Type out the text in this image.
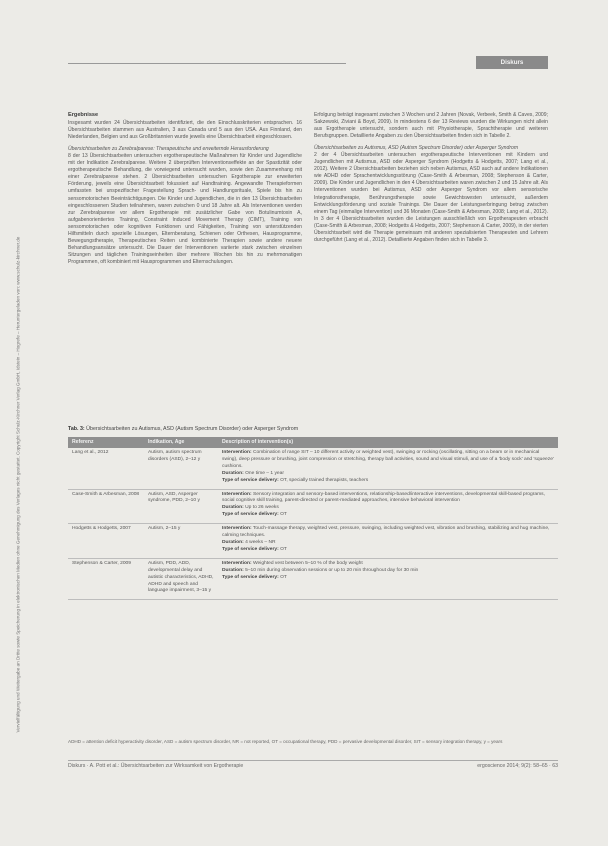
Vervielfältigung und Weitergabe an Dritte sowie Speicherung in elektronischen Medien ohne Genehmigung des Verlages nicht gestattet. Copyright Schulz-Kirchner Verlag GmbH, Idstein – Hogrefe – Heruntergeladen von: www.schulz-kirchner.de
Diskurs
Ergebnisse

Insgesamt wurden 24 Übersichtsarbeiten identifiziert, die den Einschlusskriterien entsprachen. 16 Übersichtsarbeiten stammen aus Australien, 3 aus Canada und 5 aus den USA. Aus Finnland, den Niederlanden, Belgien und aus Großbritannien wurde jeweils eine Übersichtsarbeit eingeschlossen.

Übersichtsarbeiten zu Zerebralparese: Therapeutische und erweiternde Herausforderung

8 der 13 Übersichtsarbeiten untersuchen ergotherapeutische Maßnahmen für Kinder und Jugendliche mit der Indikation Zerebralparese. Weitere 2 überprüften Interventionseffekte an der Spastizität oder ergotherapeutische Behandlung, die vorwiegend untersucht wurden, sowie den Zusammenhang mit einer Zerebralparese stehen. 2 Übersichtsarbeiten untersuchen Ergotherapie zur erweiterten Förderung, jeweils eine Übersichtsarbeit fokussiert auf Handtraining. Angewandte Therapieformen umfassten bei unspezifischer Fragestellung Sprach- und Handlungsrituale, Spiele bis hin zu sensomotorischen Beeinträchtigungen. Die Kinder und Jugendlichen, die in den 13 Übersichtsarbeiten eingeschlossenen Studien teilnahmen, waren zwischen 0 und 18 Jahre alt. Als Interventionen werden zur Zerebralparese vor allem Ergotherapie mit zusätzlicher Gabe von Botulinumtoxin A, aufgabenorientiertes Training, Constraint Induced Movement Therapy (CIMT), Training von sensomotorischen oder kognitiven Funktionen und Fähigkeiten, Training von unterstützenden Hilfsmitteln durch spezielle Lösungen, Elternberatung, Schienen oder Orthesen, Hausprogramme, Bewegungstherapie, Therapeutisches Reiten und kombinierte Therapien sowie andere neuere Behandlungsansätze untersucht. Die Dauer der Interventionen variierte stark zwischen einzelnen Sitzungen und täglichen Trainingseinheiten über mehrere Wochen bis hin zu mehrmonatigen Programmen, oft kombiniert mit Hausprogrammen und Elternschulungen.

Erfolgung beträgt insgesamt zwischen 3 Wochen und 2 Jahren (Novak, Verbeek, Smith & Caves, 2009; Sakzewski, Ziviani & Boyd, 2009). In mindestens 6 der 13 Reviews wurden die Wirkungen nicht allein aus Ergotherapie untersucht, sondern auch mit Physiotherapie, Sprachtherapie und weiteren Berufsgruppen. Detaillierte Angaben zu den Übersichtsarbeiten finden sich in Tabelle 2.

Übersichtsarbeiten zu Autismus, ASD (Autism Spectrum Disorder) oder Asperger Syndrom

2 der 4 Übersichtsarbeiten untersuchen ergotherapeutische Interventionen mit Kindern und Jugendlichen mit Autismus, ASD oder Asperger Syndrom (Hodgetts & Hodgetts, 2007; Lang et al., 2012). Weitere 2 Übersichtsarbeiten beziehen sich neben Autismus, ASD auch auf andere Indikationen wie ADHD oder Sprachentwicklungsstörung (Case-Smith & Arbesman, 2008; Stephenson & Carter, 2009). Die Kinder und Jugendlichen in den 4 Übersichtsarbeiten waren zwischen 2 und 15 Jahre alt. Als Interventionen wurden bei Autismus, ASD oder Asperger Syndrom vor allem sensorische Integrationstherapie, Berührungstherapie sowie Gewichtswesten untersucht, außerdem Entwicklungsförderung und soziale Trainings. Die Dauer der Leistungserbringung betrug zwischen einem Tag (einmalige Intervention) und 36 Monaten (Case-Smith & Arbesman, 2008; Lang et al., 2012). In 3 der 4 Übersichtsarbeiten wurden die Leistungen ausschließlich von Ergotherapeuten erbracht (Case-Smith & Arbesman, 2008; Hodgetts & Hodgetts, 2007; Stephenson & Carter, 2009), in der vierten Übersichtsarbeit wird die Therapie gemeinsam mit anderen spezialisierten Therapeuten und Lehrern durchgeführt (Lang et al., 2012). Detaillierte Angaben finden sich in Tabelle 3.

Tab. 3: Übersichtsarbeiten zu Autismus, ASD (Autism Spectrum Disorder) oder Asperger Syndrom
Referenz	Indikation, Age	Description of intervention(s)
Lang et al., 2012	Autism, autism spectrum disorders (ASD), 2–12 y	Intervention: Combination of range SIT – 10 different activity or weighted vest), swinging or rocking (oscillating, sitting on a beam or in mechanical swing), deep pressure or brushing, joint compression or stretching, therapy ball activities, sound and visual stimuli, and use of a 'body sock' and 'squeeze' cushions.
Duration: One time – 1 year
Type of service delivery: OT, specially trained therapists, teachers

Case-Smith & Arbesman, 2008	Autism, ASD, Asperger syndrome, PDD, 2–10 y	Intervention: Sensory integration and sensory-based interventions, relationship-based/interactive interventions, developmental skill-based programs, social cognitive skill training, parent-directed or parent-mediated approaches, intensive behavioral intervention
Duration: Up to 26 weeks
Type of service delivery: OT

Hodgetts & Hodgetts, 2007	Autism, 2–15 y	Intervention: Touch-massage therapy, weighted vest, pressure, swinging, including weighted vest, vibration and brushing, stabilizing and hug machine, calming techniques.
Duration: 4 weeks – NR
Type of service delivery: OT

Stephenson & Carter, 2009	Autism, PDD, ADD, developmental delay and autistic characteristics, ADHD, ADHD and speech and language impairment, 3–15 y	Intervention: Weighted vest between 5–10 % of the body weight
Duration: 5–10 min during observation sessions or up to 20 min throughout day for 30 min
Type of service delivery: OT
ADHD = attention deficit hyperactivity disorder, ASD = autism spectrum disorder, NR = not reported, OT = occupational therapy, PDD = pervasive developmental disorder, SIT = sensory integration therapy, y = years
Diskurs · A. Pott et al.: Übersichtsarbeiten zur Wirksamkeit von Ergotherapie	ergoscience 2014; 9(2): 58–65 · 63
